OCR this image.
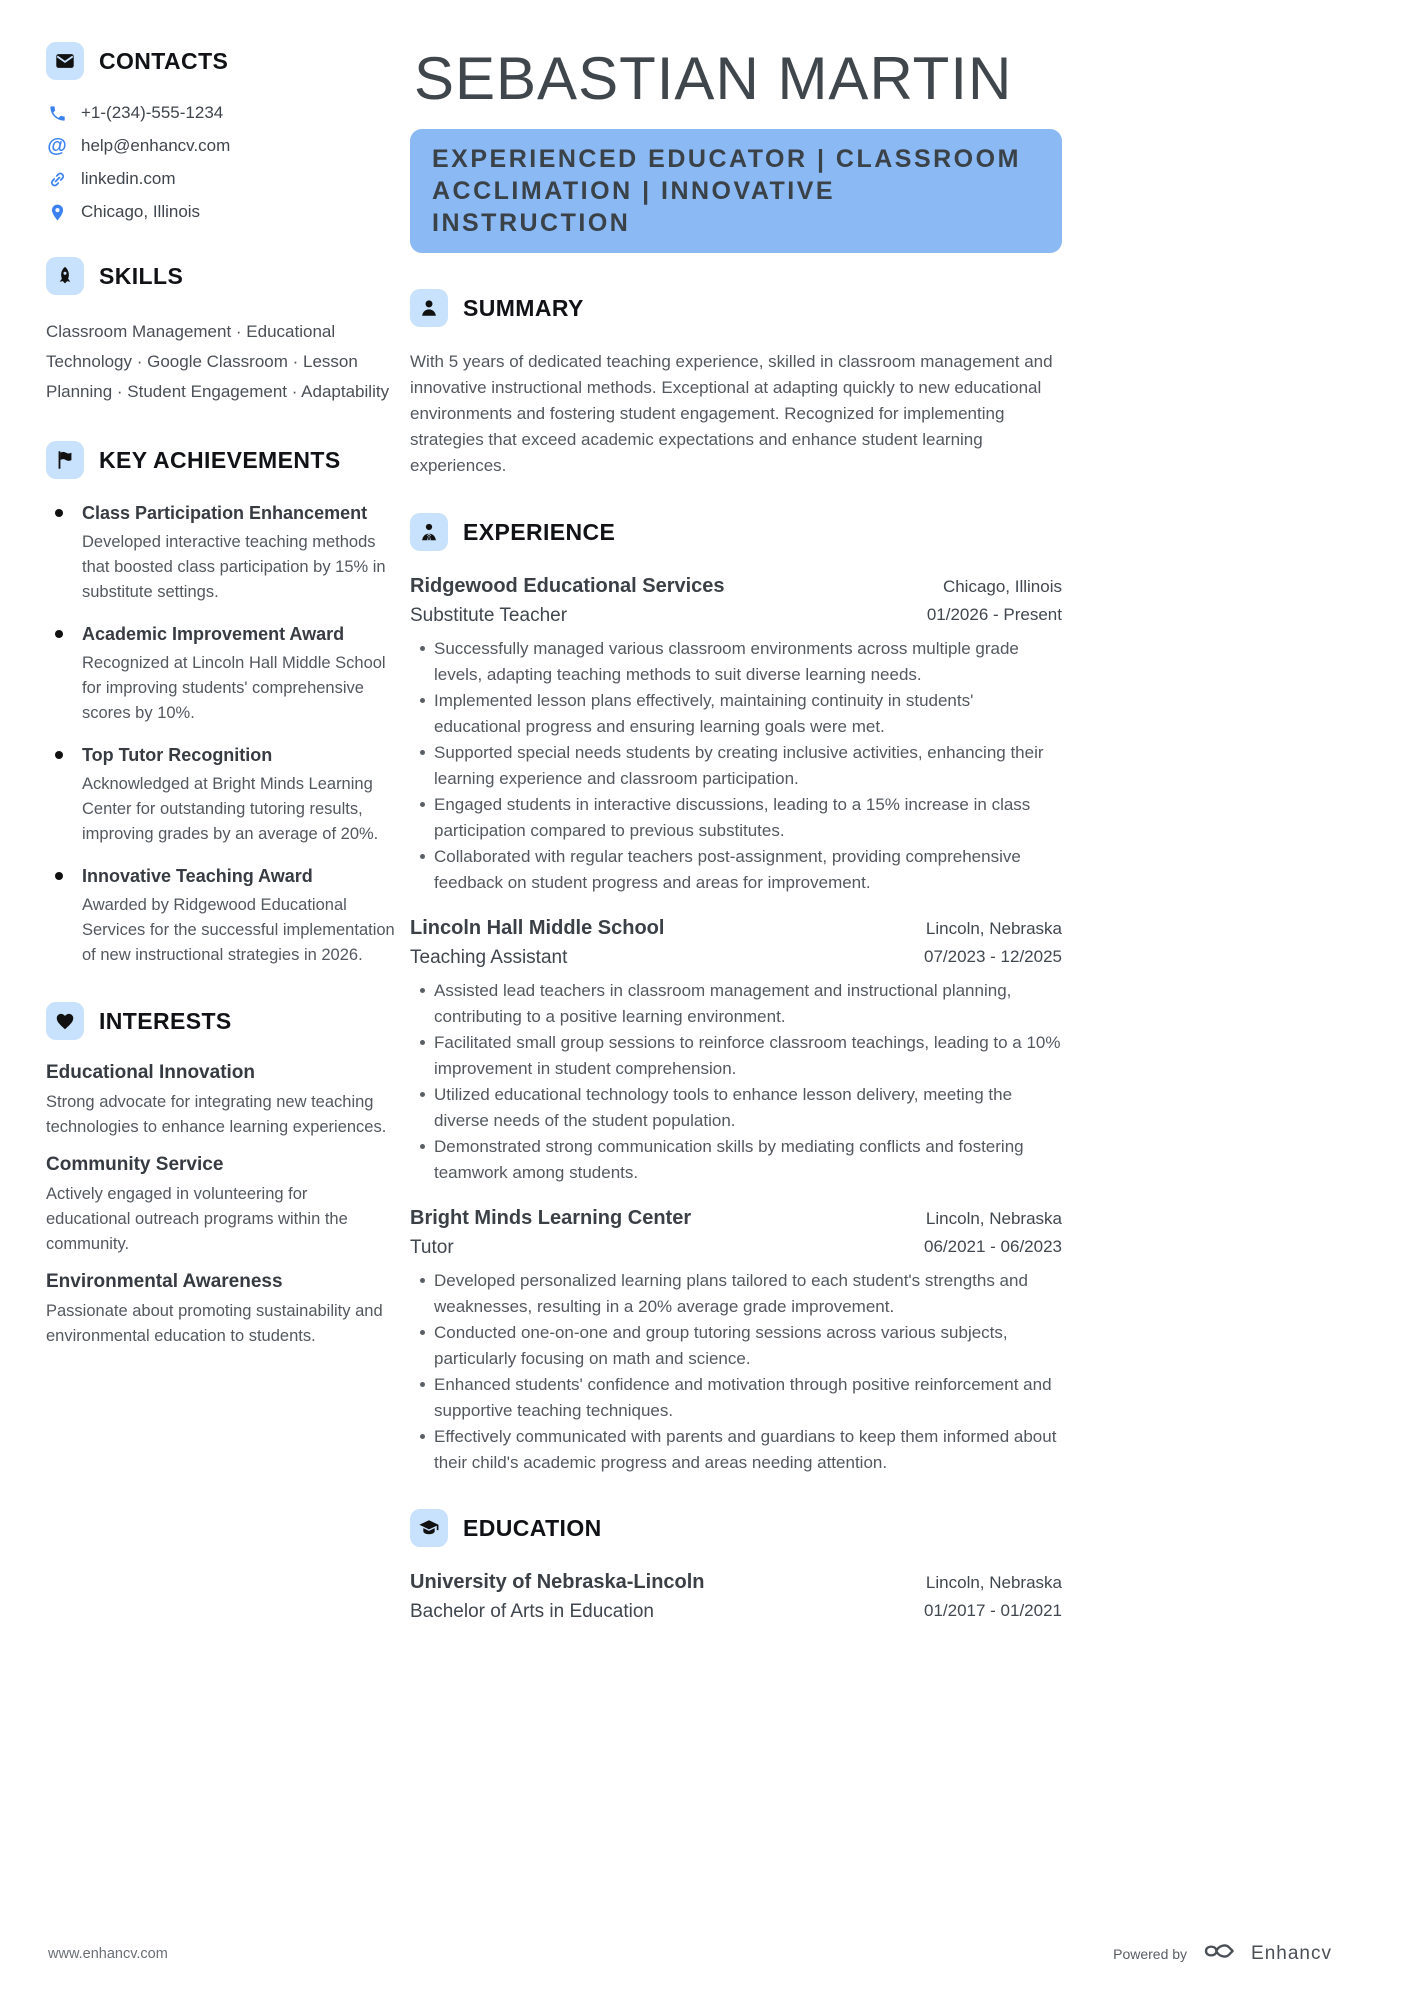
CONTACTS
+1-(234)-555-1234
@ help@enhancv.com
linkedin.com
Chicago, Illinois
SKILLS

Classroom Management · Educational Technology · Google Classroom · Lesson Planning · Student Engagement · Adaptability

KEY ACHIEVEMENTS
Class Participation Enhancement
Developed interactive teaching methods that boosted class participation by 15% in substitute settings.
Academic Improvement Award
Recognized at Lincoln Hall Middle School for improving students' comprehensive scores by 10%.
Top Tutor Recognition
Acknowledged at Bright Minds Learning Center for outstanding tutoring results, improving grades by an average of 20%.
Innovative Teaching Award
Awarded by Ridgewood Educational Services for the successful implementation of new instructional strategies in 2026.
INTERESTS
Educational Innovation
Strong advocate for integrating new teaching technologies to enhance learning experiences.
Community Service
Actively engaged in volunteering for educational outreach programs within the community.
Environmental Awareness
Passionate about promoting sustainability and environmental education to students.
SEBASTIAN MARTIN
EXPERIENCED EDUCATOR | CLASSROOM ACCLIMATION | INNOVATIVE INSTRUCTION
SUMMARY

With 5 years of dedicated teaching experience, skilled in classroom management and innovative instructional methods. Exceptional at adapting quickly to new educational environments and fostering student engagement. Recognized for implementing strategies that exceed academic expectations and enhance student learning experiences.

EXPERIENCE
Ridgewood Educational Services
Substitute Teacher
Chicago, Illinois
01/2026 - Present
Successfully managed various classroom environments across multiple grade levels, adapting teaching methods to suit diverse learning needs.
Implemented lesson plans effectively, maintaining continuity in students' educational progress and ensuring learning goals were met.
Supported special needs students by creating inclusive activities, enhancing their learning experience and classroom participation.
Engaged students in interactive discussions, leading to a 15% increase in class participation compared to previous substitutes.
Collaborated with regular teachers post-assignment, providing comprehensive feedback on student progress and areas for improvement.
Lincoln Hall Middle School
Teaching Assistant
Lincoln, Nebraska
07/2023 - 12/2025
Assisted lead teachers in classroom management and instructional planning, contributing to a positive learning environment.
Facilitated small group sessions to reinforce classroom teachings, leading to a 10% improvement in student comprehension.
Utilized educational technology tools to enhance lesson delivery, meeting the diverse needs of the student population.
Demonstrated strong communication skills by mediating conflicts and fostering teamwork among students.
Bright Minds Learning Center
Tutor
Lincoln, Nebraska
06/2021 - 06/2023
Developed personalized learning plans tailored to each student's strengths and weaknesses, resulting in a 20% average grade improvement.
Conducted one-on-one and group tutoring sessions across various subjects, particularly focusing on math and science.
Enhanced students' confidence and motivation through positive reinforcement and supportive teaching techniques.
Effectively communicated with parents and guardians to keep them informed about their child's academic progress and areas needing attention.
EDUCATION
University of Nebraska-Lincoln
Bachelor of Arts in Education
Lincoln, Nebraska
01/2017 - 01/2021
www.enhancv.com	Powered by	Enhancv
